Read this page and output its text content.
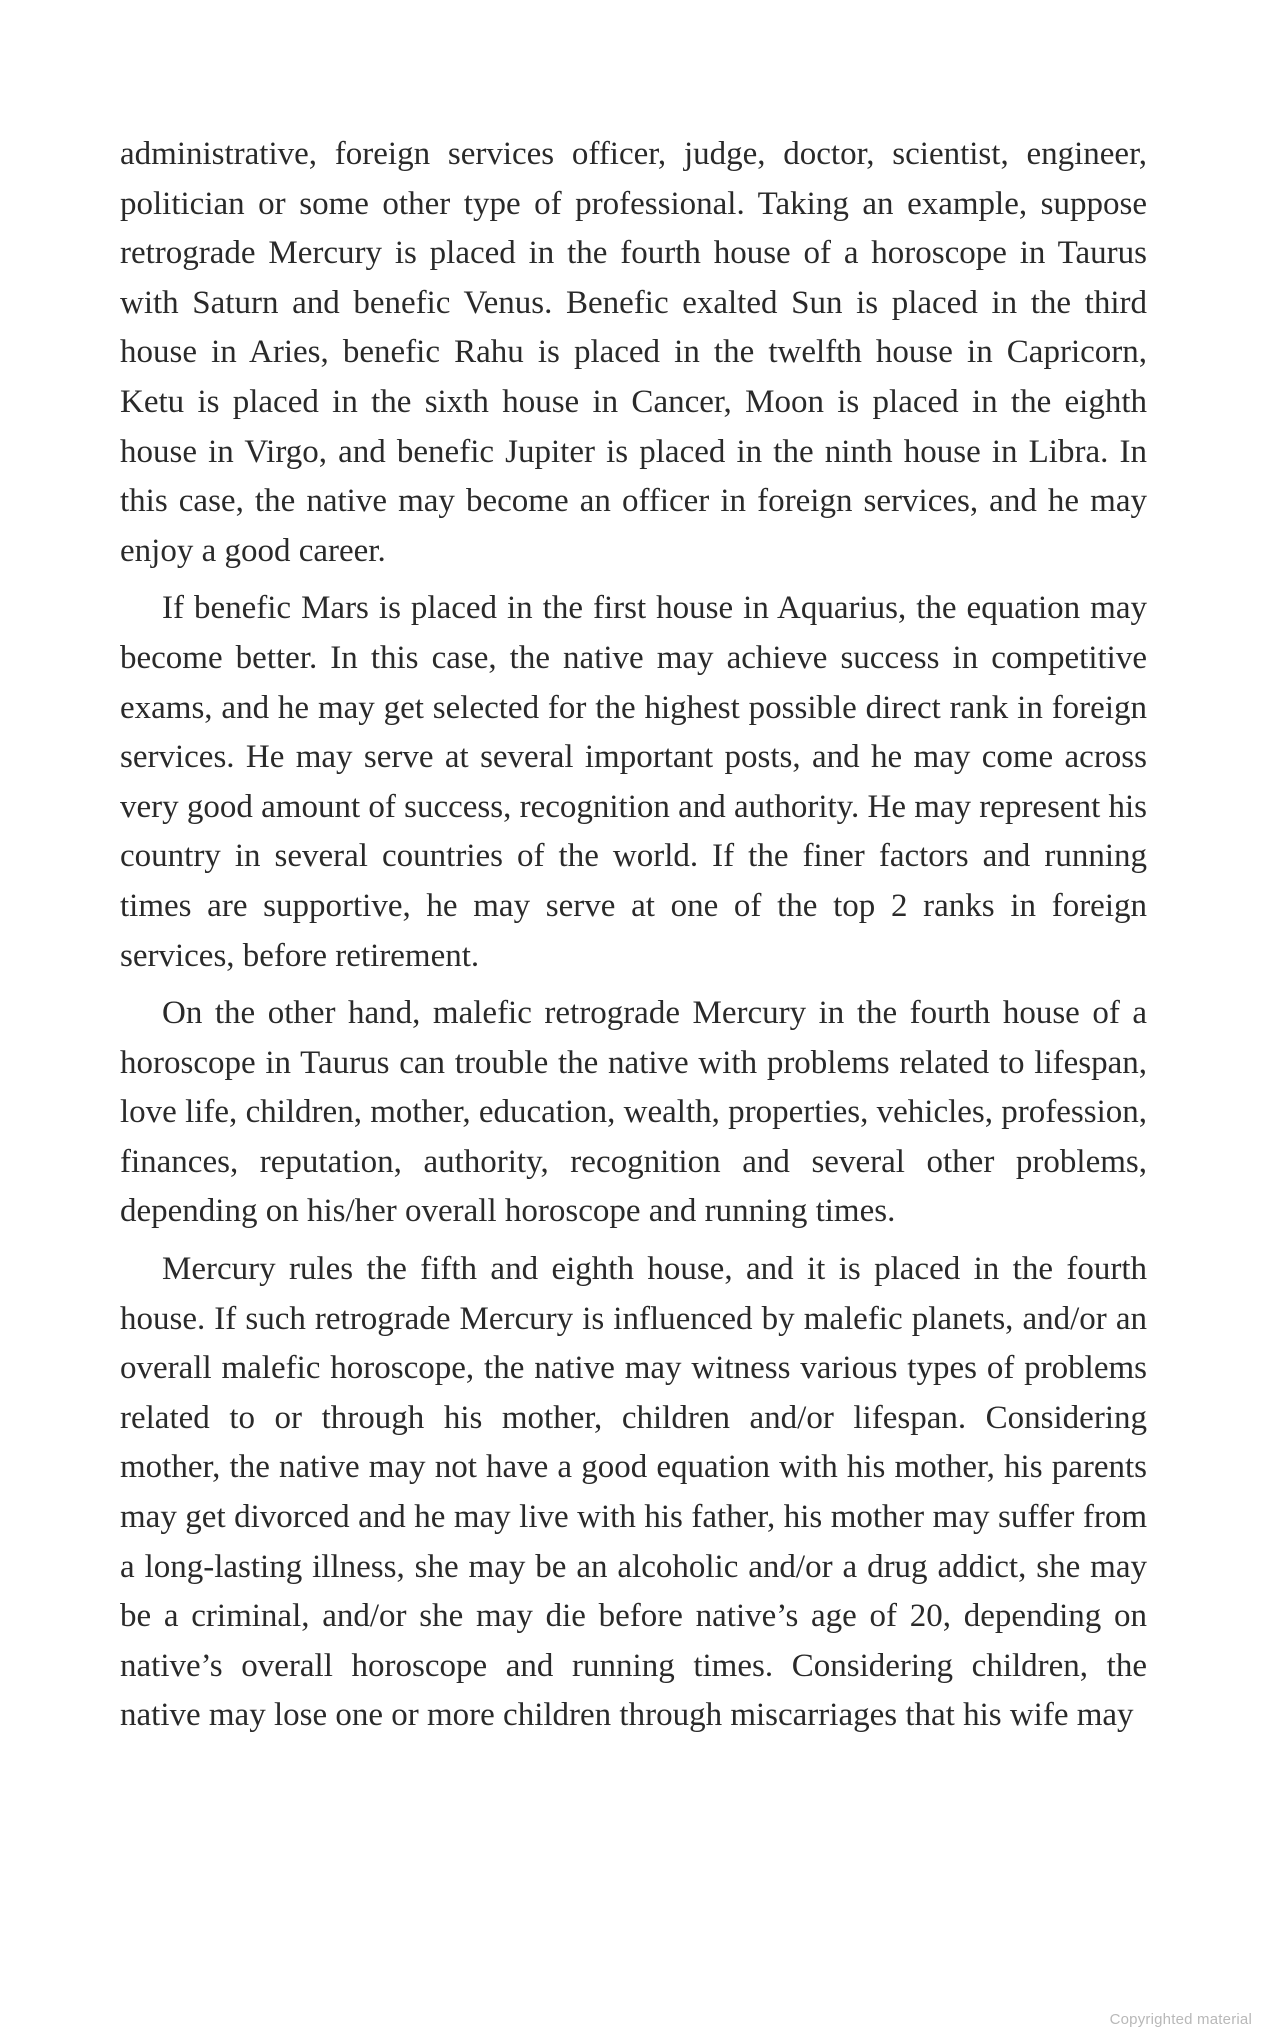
administrative, foreign services officer, judge, doctor, scientist, engineer, politician or some other type of professional. Taking an example, suppose retrograde Mercury is placed in the fourth house of a horoscope in Taurus with Saturn and benefic Venus. Benefic exalted Sun is placed in the third house in Aries, benefic Rahu is placed in the twelfth house in Capricorn, Ketu is placed in the sixth house in Cancer, Moon is placed in the eighth house in Virgo, and benefic Jupiter is placed in the ninth house in Libra. In this case, the native may become an officer in foreign services, and he may enjoy a good career.

If benefic Mars is placed in the first house in Aquarius, the equation may become better. In this case, the native may achieve success in competitive exams, and he may get selected for the highest possible direct rank in foreign services. He may serve at several important posts, and he may come across very good amount of success, recognition and authority. He may represent his country in several countries of the world. If the finer factors and running times are supportive, he may serve at one of the top 2 ranks in foreign services, before retirement.

On the other hand, malefic retrograde Mercury in the fourth house of a horoscope in Taurus can trouble the native with problems related to lifespan, love life, children, mother, education, wealth, properties, vehicles, profession, finances, reputation, authority, recognition and several other problems, depending on his/her overall horoscope and running times.

Mercury rules the fifth and eighth house, and it is placed in the fourth house. If such retrograde Mercury is influenced by malefic planets, and/or an overall malefic horoscope, the native may witness various types of problems related to or through his mother, children and/or lifespan. Considering mother, the native may not have a good equation with his mother, his parents may get divorced and he may live with his father, his mother may suffer from a long-lasting illness, she may be an alcoholic and/or a drug addict, she may be a criminal, and/or she may die before native’s age of 20, depending on native’s overall horoscope and running times. Considering children, the native may lose one or more children through miscarriages that his wife may

Copyrighted material
